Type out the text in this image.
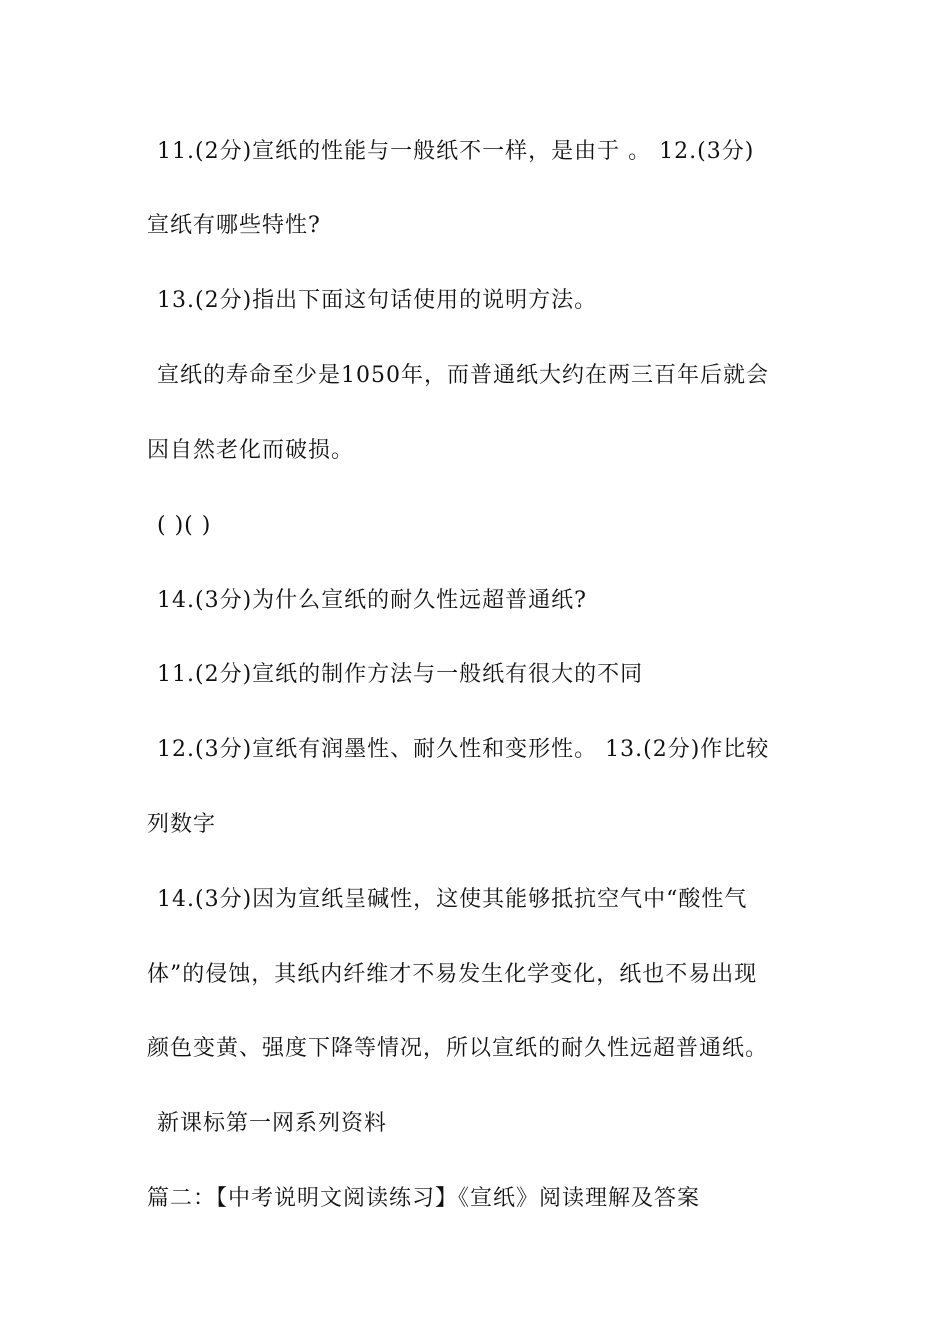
11.(2分)宣纸的性能与一般纸不一样，是由于 。 12.(3分)
宣纸有哪些特性?
13.(2分)指出下面这句话使用的说明方法。
宣纸的寿命至少是1050年，而普通纸大约在两三百年后就会
因自然老化而破损。
( )( )
14.(3分)为什么宣纸的耐久性远超普通纸?
11.(2分)宣纸的制作方法与一般纸有很大的不同
12.(3分)宣纸有润墨性、耐久性和变形性。 13.(2分)作比较
列数字
14.(3分)因为宣纸呈碱性，这使其能够抵抗空气中“酸性气
体”的侵蚀，其纸内纤维才不易发生化学变化，纸也不易出现
颜色变黄、强度下降等情况，所以宣纸的耐久性远超普通纸。
新课标第一网系列资料
篇二：【中考说明文阅读练习】《宣纸》阅读理解及答案
